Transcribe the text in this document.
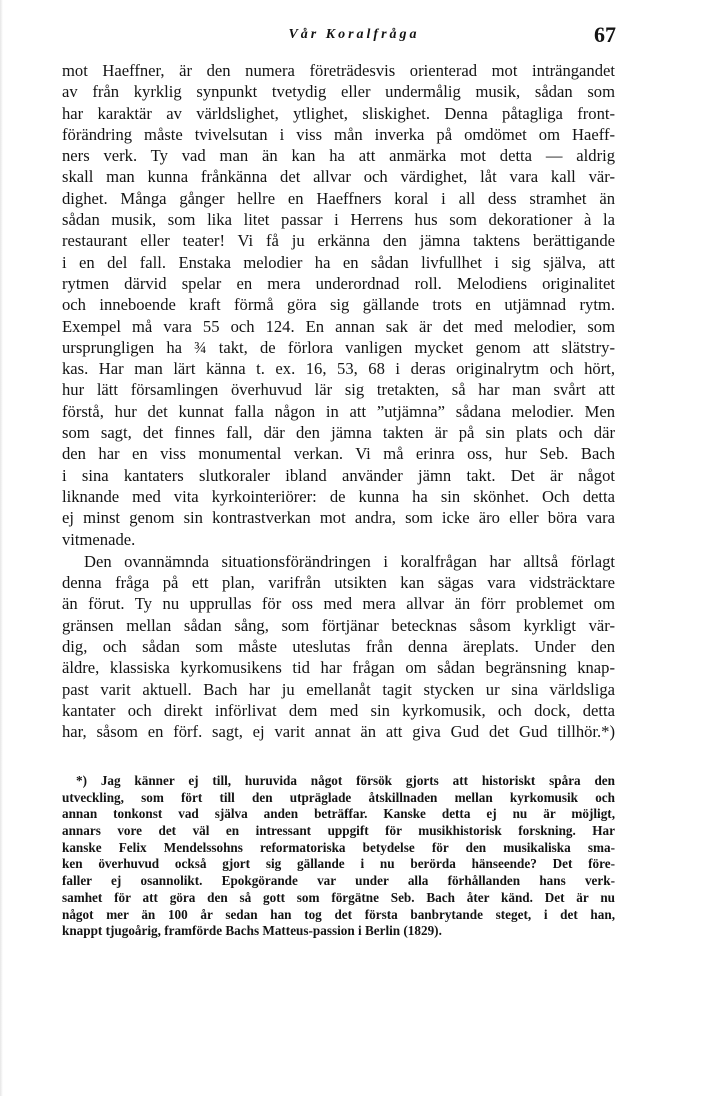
Vår Koralfråga	67
mot Haeffner, är den numera företrädesvis orienterad mot inträngandet
av från kyrklig synpunkt tvetydig eller undermålig musik, sådan som
har karaktär av världslighet, ytlighet, sliskighet. Denna påtagliga front-
förändring måste tvivelsutan i viss mån inverka på omdömet om Haeff-
ners verk. Ty vad man än kan ha att anmärka mot detta — aldrig
skall man kunna frånkänna det allvar och värdighet, låt vara kall vär-
dighet. Många gånger hellre en Haeffners koral i all dess stramhet än
sådan musik, som lika litet passar i Herrens hus som dekorationer à la
restaurant eller teater! Vi få ju erkänna den jämna taktens berättigande
i en del fall. Enstaka melodier ha en sådan livfullhet i sig själva, att
rytmen därvid spelar en mera underordnad roll. Melodiens originalitet
och inneboende kraft förmå göra sig gällande trots en utjämnad rytm.
Exempel må vara 55 och 124. En annan sak är det med melodier, som
ursprungligen ha ¾ takt, de förlora vanligen mycket genom att slätstry-
kas. Har man lärt känna t. ex. 16, 53, 68 i deras originalrytm och hört,
hur lätt församlingen överhuvud lär sig tretakten, så har man svårt att
förstå, hur det kunnat falla någon in att ”utjämna” sådana melodier. Men
som sagt, det finnes fall, där den jämna takten är på sin plats och där
den har en viss monumental verkan. Vi må erinra oss, hur Seb. Bach
i sina kantaters slutkoraler ibland använder jämn takt. Det är något
liknande med vita kyrkointeriörer: de kunna ha sin skönhet. Och detta
ej minst genom sin kontrastverkan mot andra, som icke äro eller böra vara
vitmenade.
Den ovannämnda situationsförändringen i koralfrågan har alltså förlagt
denna fråga på ett plan, varifrån utsikten kan sägas vara vidsträcktare
än förut. Ty nu upprullas för oss med mera allvar än förr problemet om
gränsen mellan sådan sång, som förtjänar betecknas såsom kyrkligt vär-
dig, och sådan som måste uteslutas från denna äreplats. Under den
äldre, klassiska kyrkomusikens tid har frågan om sådan begränsning knap-
past varit aktuell. Bach har ju emellanåt tagit stycken ur sina världsliga
kantater och direkt införlivat dem med sin kyrkomusik, och dock, detta
har, såsom en förf. sagt, ej varit annat än att giva Gud det Gud tillhör.*)
*) Jag känner ej till, huruvida något försök gjorts att historiskt spåra den
utveckling, som fört till den utpräglade åtskillnaden mellan kyrkomusik och
annan tonkonst vad själva anden beträffar. Kanske detta ej nu är möjligt,
annars vore det väl en intressant uppgift för musikhistorisk forskning. Har
kanske Felix Mendelssohns reformatoriska betydelse för den musikaliska sma-
ken överhuvud också gjort sig gällande i nu berörda hänseende? Det före-
faller ej osannolikt. Epokgörande var under alla förhållanden hans verk-
samhet för att göra den så gott som förgätne Seb. Bach åter känd. Det är nu
något mer än 100 år sedan han tog det första banbrytande steget, i det han,
knappt tjugoårig, framförde Bachs Matteus-passion i Berlin (1829).
